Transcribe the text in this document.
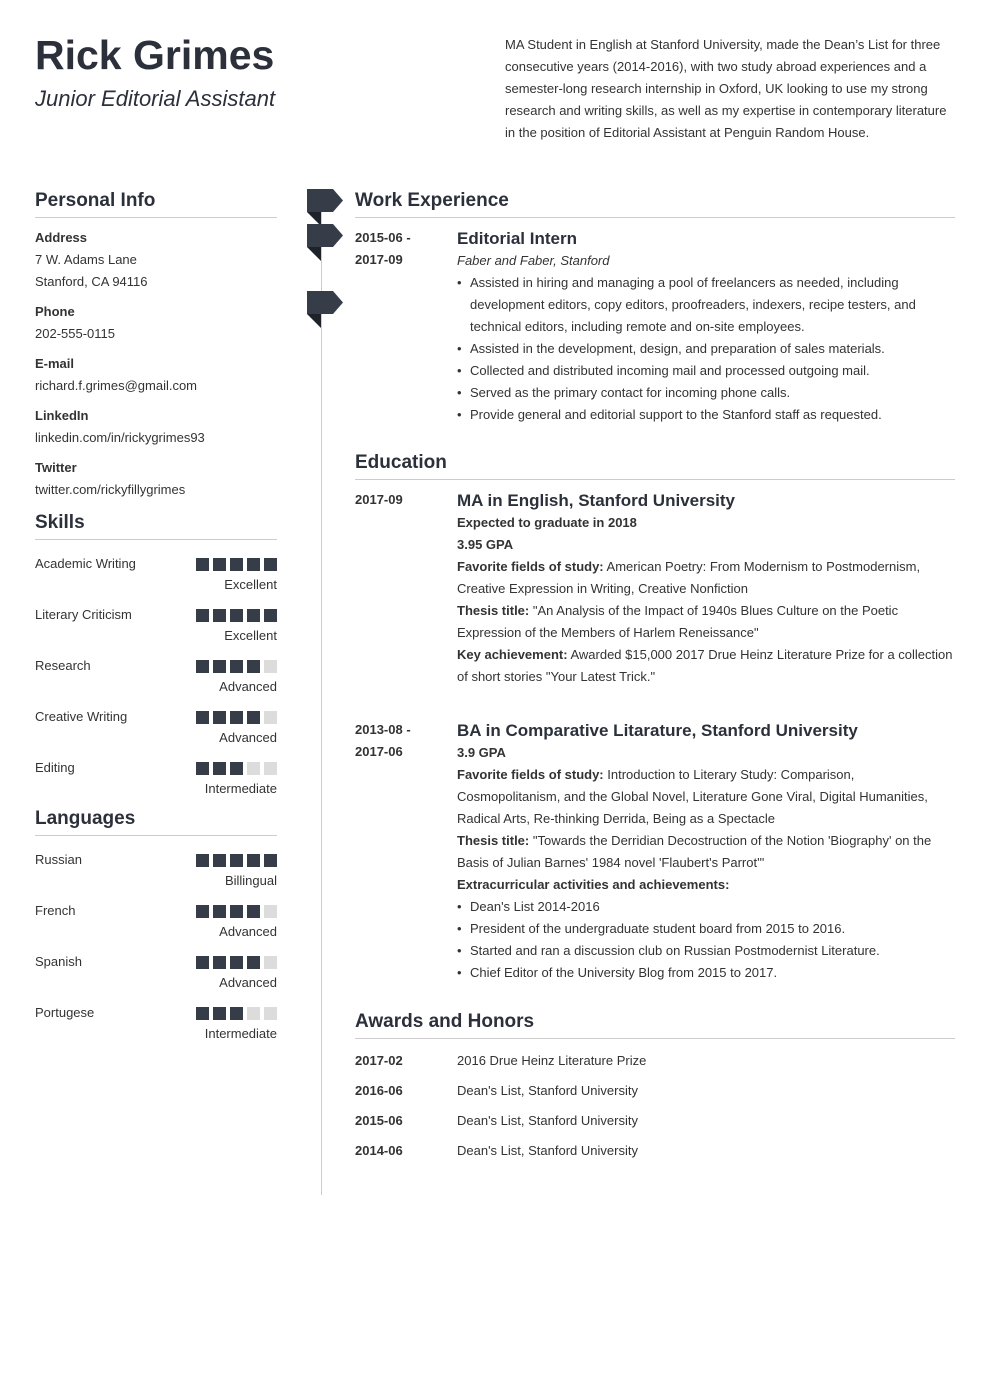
Rick Grimes
Junior Editorial Assistant
MA Student in English at Stanford University, made the Dean’s List for three consecutive years (2014-2016), with two study abroad experiences and a semester-long research internship in Oxford, UK looking to use my strong research and writing skills, as well as my expertise in contemporary literature in the position of Editorial Assistant at Penguin Random House.
Personal Info
Address
7 W. Adams Lane
Stanford, CA 94116
Phone
202-555-0115
E-mail
richard.f.grimes@gmail.com
LinkedIn
linkedin.com/in/rickygrimes93
Twitter
twitter.com/rickyfillygrimes
Skills
Academic Writing
Excellent
Literary Criticism
Excellent
Research
Advanced
Creative Writing
Advanced
Editing
Intermediate
Languages
Russian
Billingual
French
Advanced
Spanish
Advanced
Portugese
Intermediate
Work Experience
2015-06 -
2017-09
Editorial Intern
Faber and Faber, Stanford
• Assisted in hiring and managing a pool of freelancers as needed, including development editors, copy editors, proofreaders, indexers, recipe testers, and technical editors, including remote and on-site employees.
• Assisted in the development, design, and preparation of sales materials.
• Collected and distributed incoming mail and processed outgoing mail.
• Served as the primary contact for incoming phone calls.
• Provide general and editorial support to the Stanford staff as requested.
Education
2017-09	MA in English, Stanford University
Expected to graduate in 2018
3.95 GPA
Favorite fields of study: American Poetry: From Modernism to Postmodernism, Creative Expression in Writing, Creative Nonfiction
Thesis title: "An Analysis of the Impact of 1940s Blues Culture on the Poetic Expression of the Members of Harlem Reneissance"
Key achievement: Awarded $15,000 2017 Drue Heinz Literature Prize for a collection of short stories "Your Latest Trick."
2013-08 -
2017-06
BA in Comparative Litarature, Stanford University
3.9 GPA
Favorite fields of study: Introduction to Literary Study: Comparison, Cosmopolitanism, and the Global Novel, Literature Gone Viral, Digital Humanities, Radical Arts, Re-thinking Derrida, Being as a Spectacle
Thesis title: "Towards the Derridian Decostruction of the Notion 'Biography' on the Basis of Julian Barnes' 1984 novel 'Flaubert's Parrot'"
Extracurricular activities and achievements:
• Dean's List 2014-2016
• President of the undergraduate student board from 2015 to 2016.
• Started and ran a discussion club on Russian Postmodernist Literature.
• Chief Editor of the University Blog from 2015 to 2017.
Awards and Honors
2017-02	2016 Drue Heinz Literature Prize
2016-06	Dean's List, Stanford University
2015-06	Dean's List, Stanford University
2014-06	Dean's List, Stanford University
